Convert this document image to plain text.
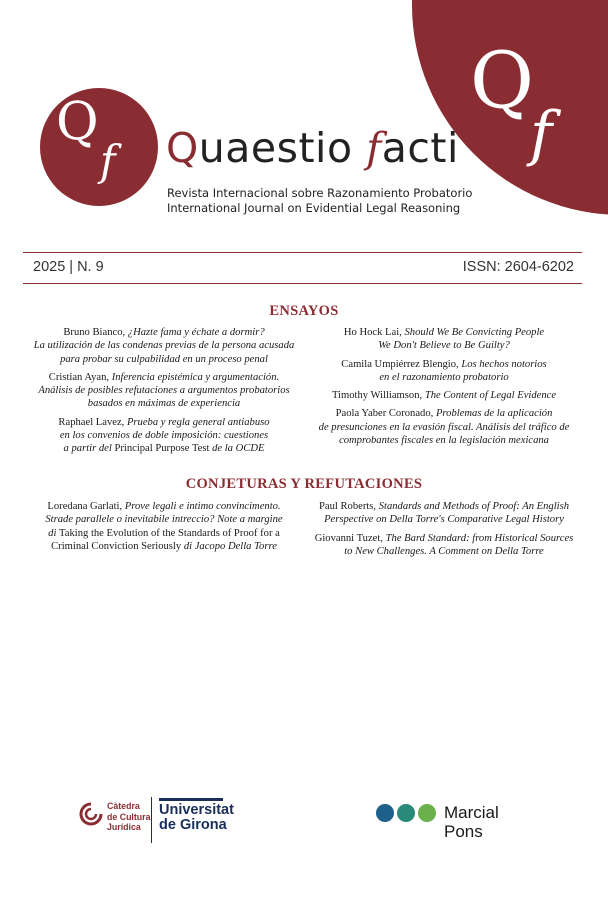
Q
f
Q
f Quaestio facti
Revista Internacional sobre Razonamiento Probatorio
International Journal on Evidential Legal Reasoning
2025 | N. 9	ISSN: 2604-6202
ENSAYOS
Bruno Bianco, ¿Hazte fama y échate a dormir?
La utilización de las condenas previas de la persona acusada
para probar su culpabilidad en un proceso penal
Cristian Ayan, Inferencia epistémica y argumentación.
Análisis de posibles refutaciones a argumentos probatorios
basados en máximas de experiencia
Raphael Lavez, Prueba y regla general antiabuso
en los convenios de doble imposición: cuestiones
a partir del Principal Purpose Test de la OCDE
Ho Hock Lai, Should We Be Convicting People
We Don't Believe to Be Guilty?
Camila Umpiérrez Blengio, Los hechos notorios
en el razonamiento probatorio
Timothy Williamson, The Content of Legal Evidence
Paola Yaber Coronado, Problemas de la aplicación
de presunciones en la evasión fiscal. Análisis del tráfico de
comprobantes fiscales en la legislación mexicana
CONJETURAS Y REFUTACIONES
Loredana Garlati, Prove legali e intimo convincimento.
Strade parallele o inevitabile intreccio? Note a margine
di Taking the Evolution of the Standards of Proof for a
Criminal Conviction Seriously di Jacopo Della Torre
Paul Roberts, Standards and Methods of Proof: An English
Perspective on Della Torre's Comparative Legal History
Giovanni Tuzet, The Bard Standard: from Historical Sources
to New Challenges. A Comment on Della Torre
Càtedra
de Cultura
Jurídica
Universitat
de Girona
Marcial
Pons
